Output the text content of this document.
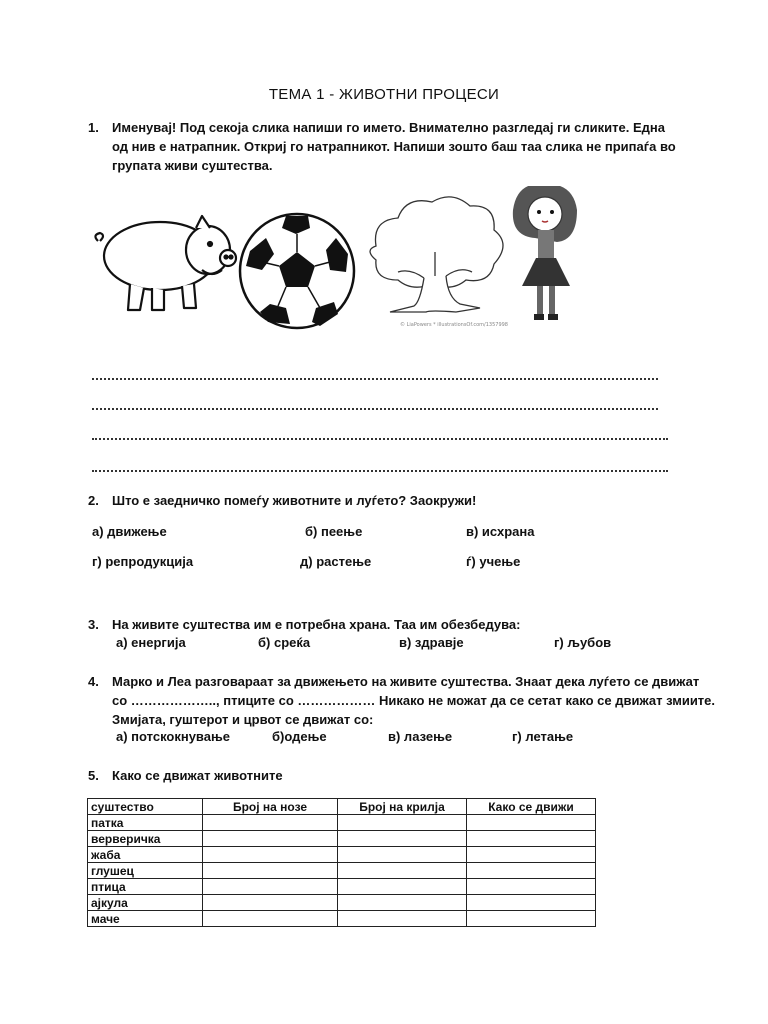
ТЕМА 1 - ЖИВОТНИ ПРОЦЕСИ
1. Именувај! Под секоја слика напиши го името. Внимателно разгледај ги сликите. Една од нив е натрапник. Откриј го натрапникот. Напиши зошто баш таа слика не припаѓа во групата живи суштества.
© LiaPowers * illustrationsOf.com/1357998
2. Што е заедничко помеѓу животните и луѓето? Заокружи!
а) движење	б) пеење	в) исхрана
г) репродукција	д) растење	ѓ) учење
3. На живите суштества им е потребна храна. Таа им обезбедува:
а) енергија	б) среќа	в) здравје	г) љубов
4. Марко и Леа разговараат за движењето на живите суштества. Знаат дека луѓето се движат
со ……………….., птиците со ……………… Никако не можат да се сетат како се движат змиите.
Змијата, гуштерот и црвот се движат со:
а) потскокнување	б)одење	в) лазење	г) летање
5. Како се движат животните
суштество	Број на нозе	Број на крилја	Како се движи
патка			
верверичка			
жаба			
глушец			
птица			
ајкула			
маче			
